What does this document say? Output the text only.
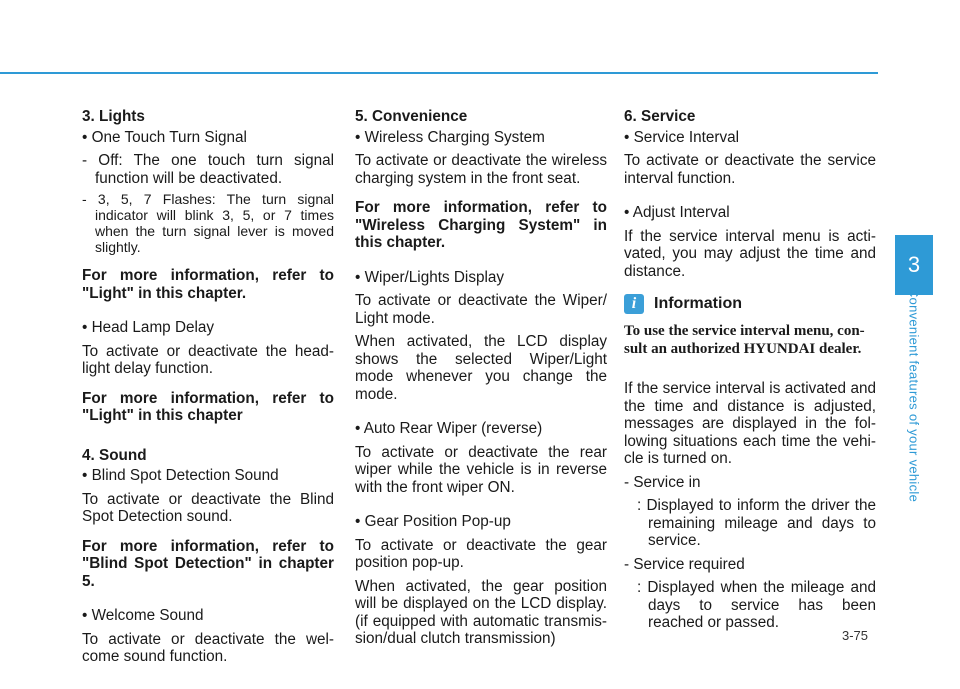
3. Lights
• One Touch Turn Signal
- Off: The one touch turn signal function will be deactivated.
- 3, 5, 7 Flashes: The turn signal indicator will blink 3, 5, or 7 times when the turn signal lever is moved slightly.
For more information, refer to "Light" in this chapter.
• Head Lamp Delay

To activate or deactivate the head-light delay function.

For more information, refer to "Light" in this chapter
4. Sound
• Blind Spot Detection Sound

To activate or deactivate the Blind Spot Detection sound.

For more information, refer to "Blind Spot Detection" in chapter 5.
• Welcome Sound

To activate or deactivate the wel-come sound function.

5. Convenience
• Wireless Charging System

To activate or deactivate the wireless charging system in the front seat.

For more information, refer to "Wireless Charging System" in this chapter.
• Wiper/Lights Display

To activate or deactivate the Wiper/ Light mode.

When activated, the LCD display shows the selected Wiper/Light mode whenever you change the mode.

• Auto Rear Wiper (reverse)

To activate or deactivate the rear wiper while the vehicle is in reverse with the front wiper ON.

• Gear Position Pop-up

To activate or deactivate the gear position pop-up.

When activated, the gear position will be displayed on the LCD display. (if equipped with automatic transmis-sion/dual clutch transmission)

6. Service
• Service Interval

To activate or deactivate the service interval function.

• Adjust Interval

If the service interval menu is acti-vated, you may adjust the time and distance.

i	Information
To use the service interval menu, con-sult an authorized HYUNDAI dealer.

If the service interval is activated and the time and distance is adjusted, messages are displayed in the fol-lowing situations each time the vehi-cle is turned on.

- Service in
: Displayed to inform the driver the remaining mileage and days to service.
- Service required
: Displayed when the mileage and days to service has been reached or passed.
3
Convenient features of your vehicle
3-75
